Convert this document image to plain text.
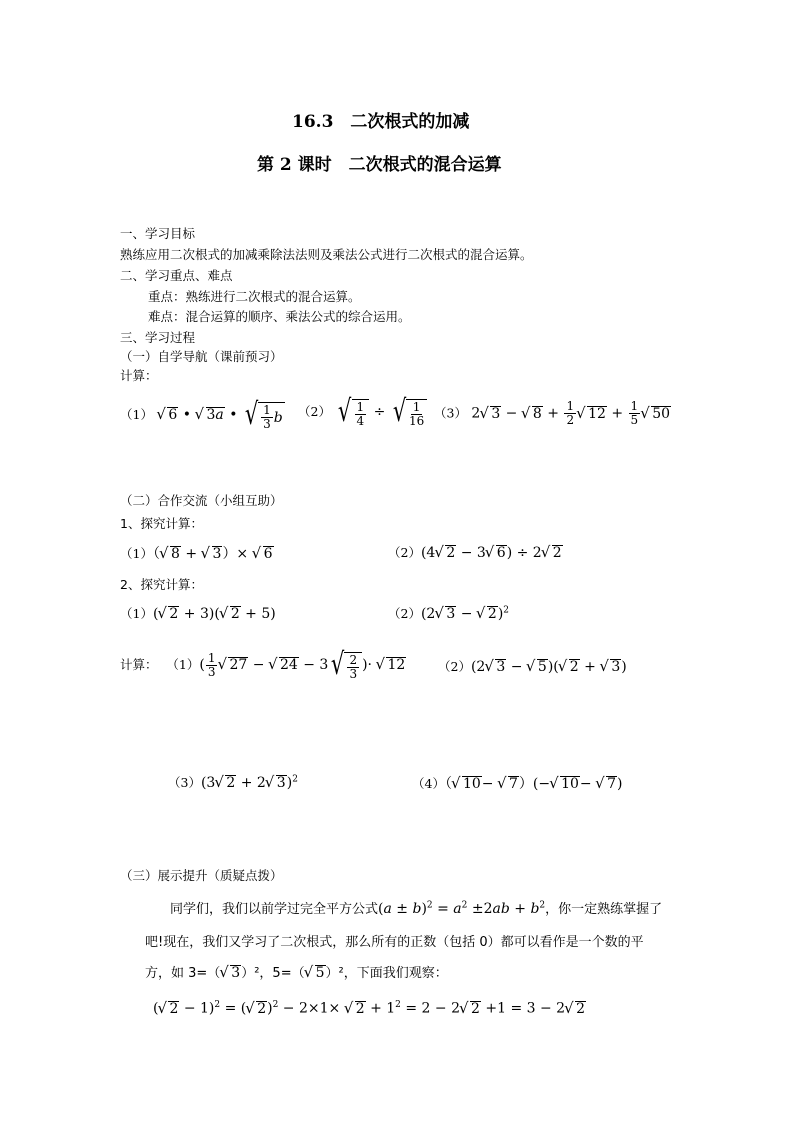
16.3　二次根式的加减
第 2 课时　二次根式的混合运算
一、学习目标
熟练应用二次根式的加减乘除法法则及乘法公式进行二次根式的混合运算。
二、学习重点、难点
重点：熟练进行二次根式的混合运算。
难点：混合运算的顺序、乘法公式的综合运用。
三、学习过程
（一）自学导航（课前预习）
计算：
（1） √ 6 • √ 3a • √ $\frac{1}{3}$ b （2） √ $\frac{1}{4}$ ÷ √ $\frac{1}{16} (3)$ 2√ 3 − √ $8 + \frac{1}{2}$
√ $12 + \frac{1}{5}$
√ 50
（二）合作交流（小组互助）
1、探究计算：
（1）（√ 8 + √ 3）× √ 6	（2）(4√ 2 − 3√ 6) ÷ 2√ 2
2、探究计算：
（1）(√ 2 + 3)(√ 2 + 5)	（2）(2√ 3 − √ 2)$^2$
计算： $(1)( \frac{1}{3}$
√ 27 − √ 24 − 3 √ $\frac{2}{3}$ )· √ 12	（2）(2√ 3 − √ 5)(√ 2 + √ 3)
（3）(3√ 2 + 2√ 3)$^2$	（4）（√ 10− √ 7）(−√ 10− √ 7)
（三）展示提升（质疑点拨）
同学们，我们以前学过完全平方公式$(a \pm b)^2 = a^2 \pm 2ab + b^2$，你一定熟练掌握了
吧!现在，我们又学习了二次根式，那么所有的正数（包括 0）都可以看作是一个数的平
方，如 3=（√ 3）²，5=（√ 5）²，下面我们观察：
(√ 2 − 1)$^2$ = (√ 2)$^2$ − 2×1× √ $2 + 1^2 = 2 - 2√$ 2 +1 = 3 − 2√ 2
